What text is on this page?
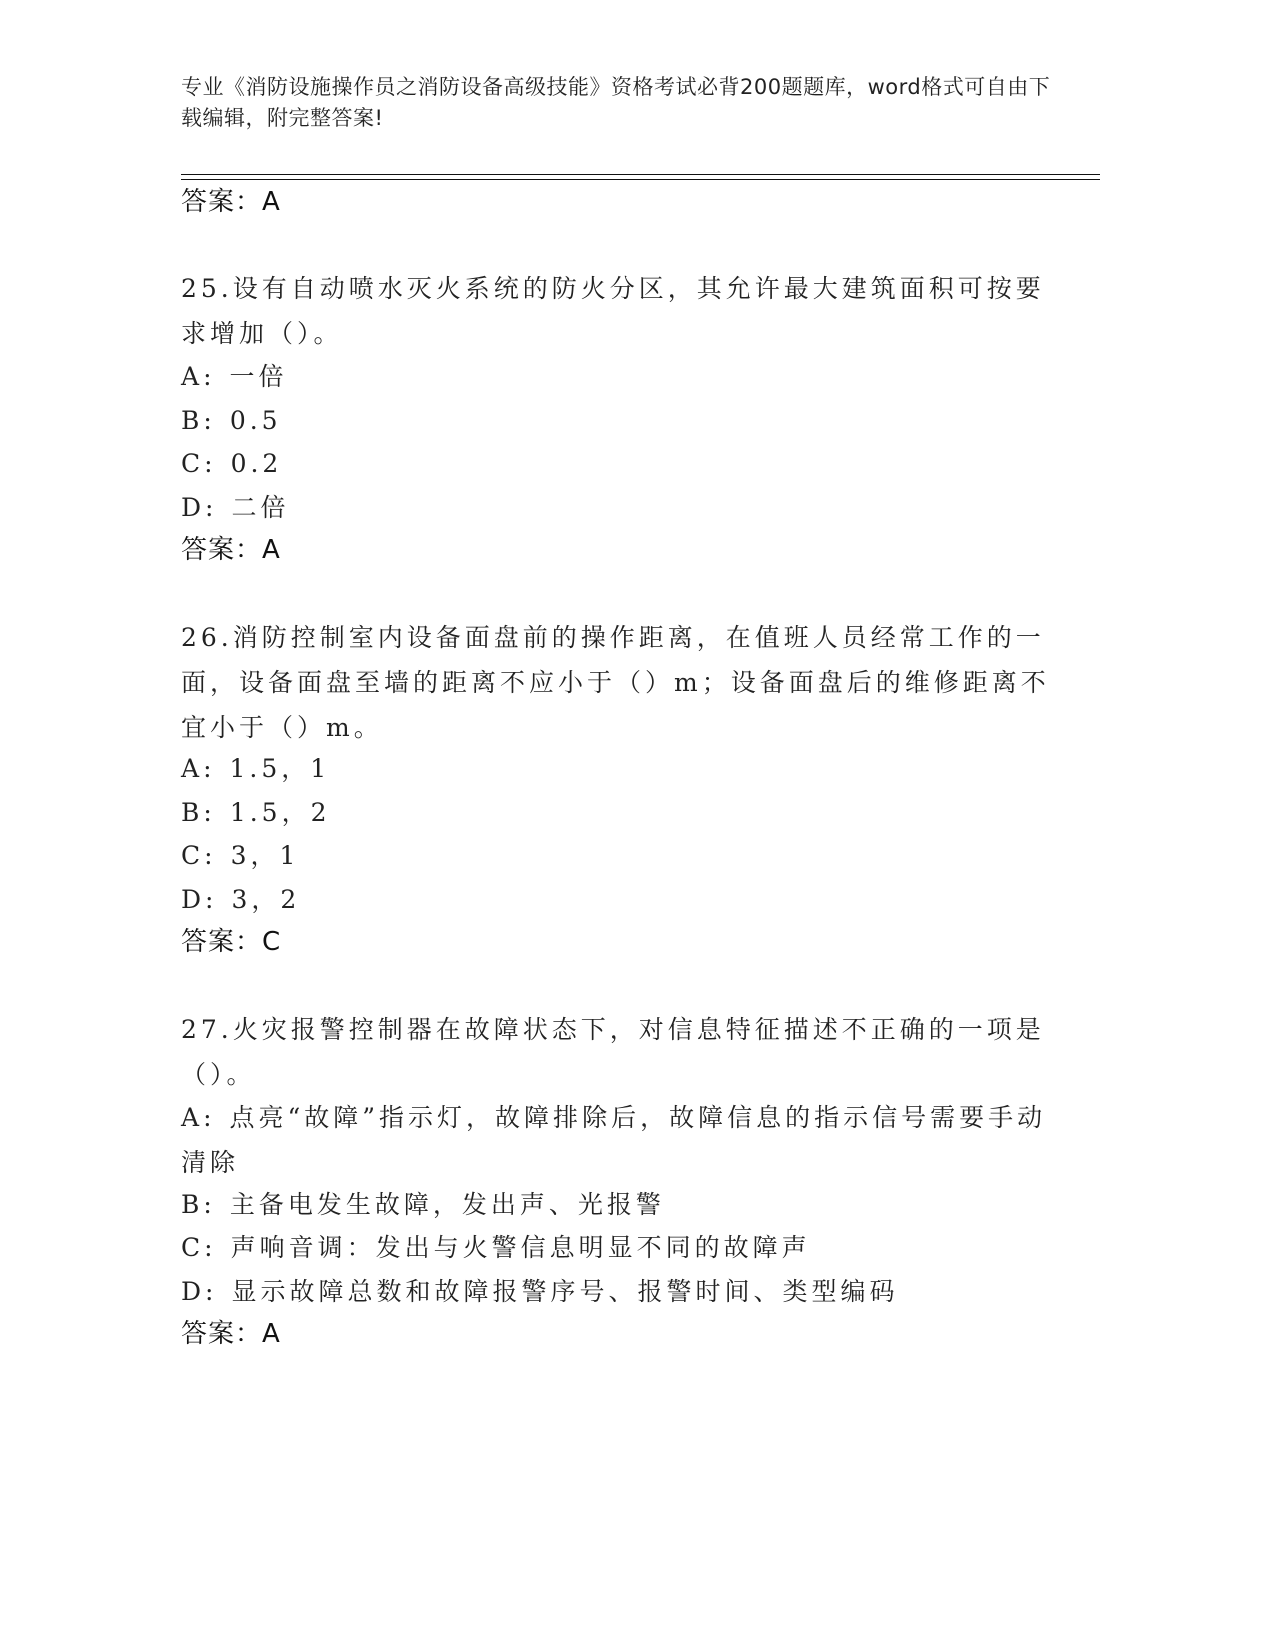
专业《消防设施操作员之消防设备高级技能》资格考试必背200题题库，word格式可自由下载编辑，附完整答案!
答案：A
25.设有自动喷水灭火系统的防火分区，其允许最大建筑面积可按要求增加（）。
A: 一倍
B: 0.5
C: 0.2
D: 二倍
答案：A
26.消防控制室内设备面盘前的操作距离，在值班人员经常工作的一面，设备面盘至墙的距离不应小于（）m；设备面盘后的维修距离不宜小于（）m。
A: 1.5，1
B: 1.5，2
C: 3，1
D: 3，2
答案：C
27.火灾报警控制器在故障状态下，对信息特征描述不正确的一项是（）。
A: 点亮“故障”指示灯，故障排除后，故障信息的指示信号需要手动清除
B: 主备电发生故障，发出声、光报警
C: 声响音调：发出与火警信息明显不同的故障声
D: 显示故障总数和故障报警序号、报警时间、类型编码
答案：A
